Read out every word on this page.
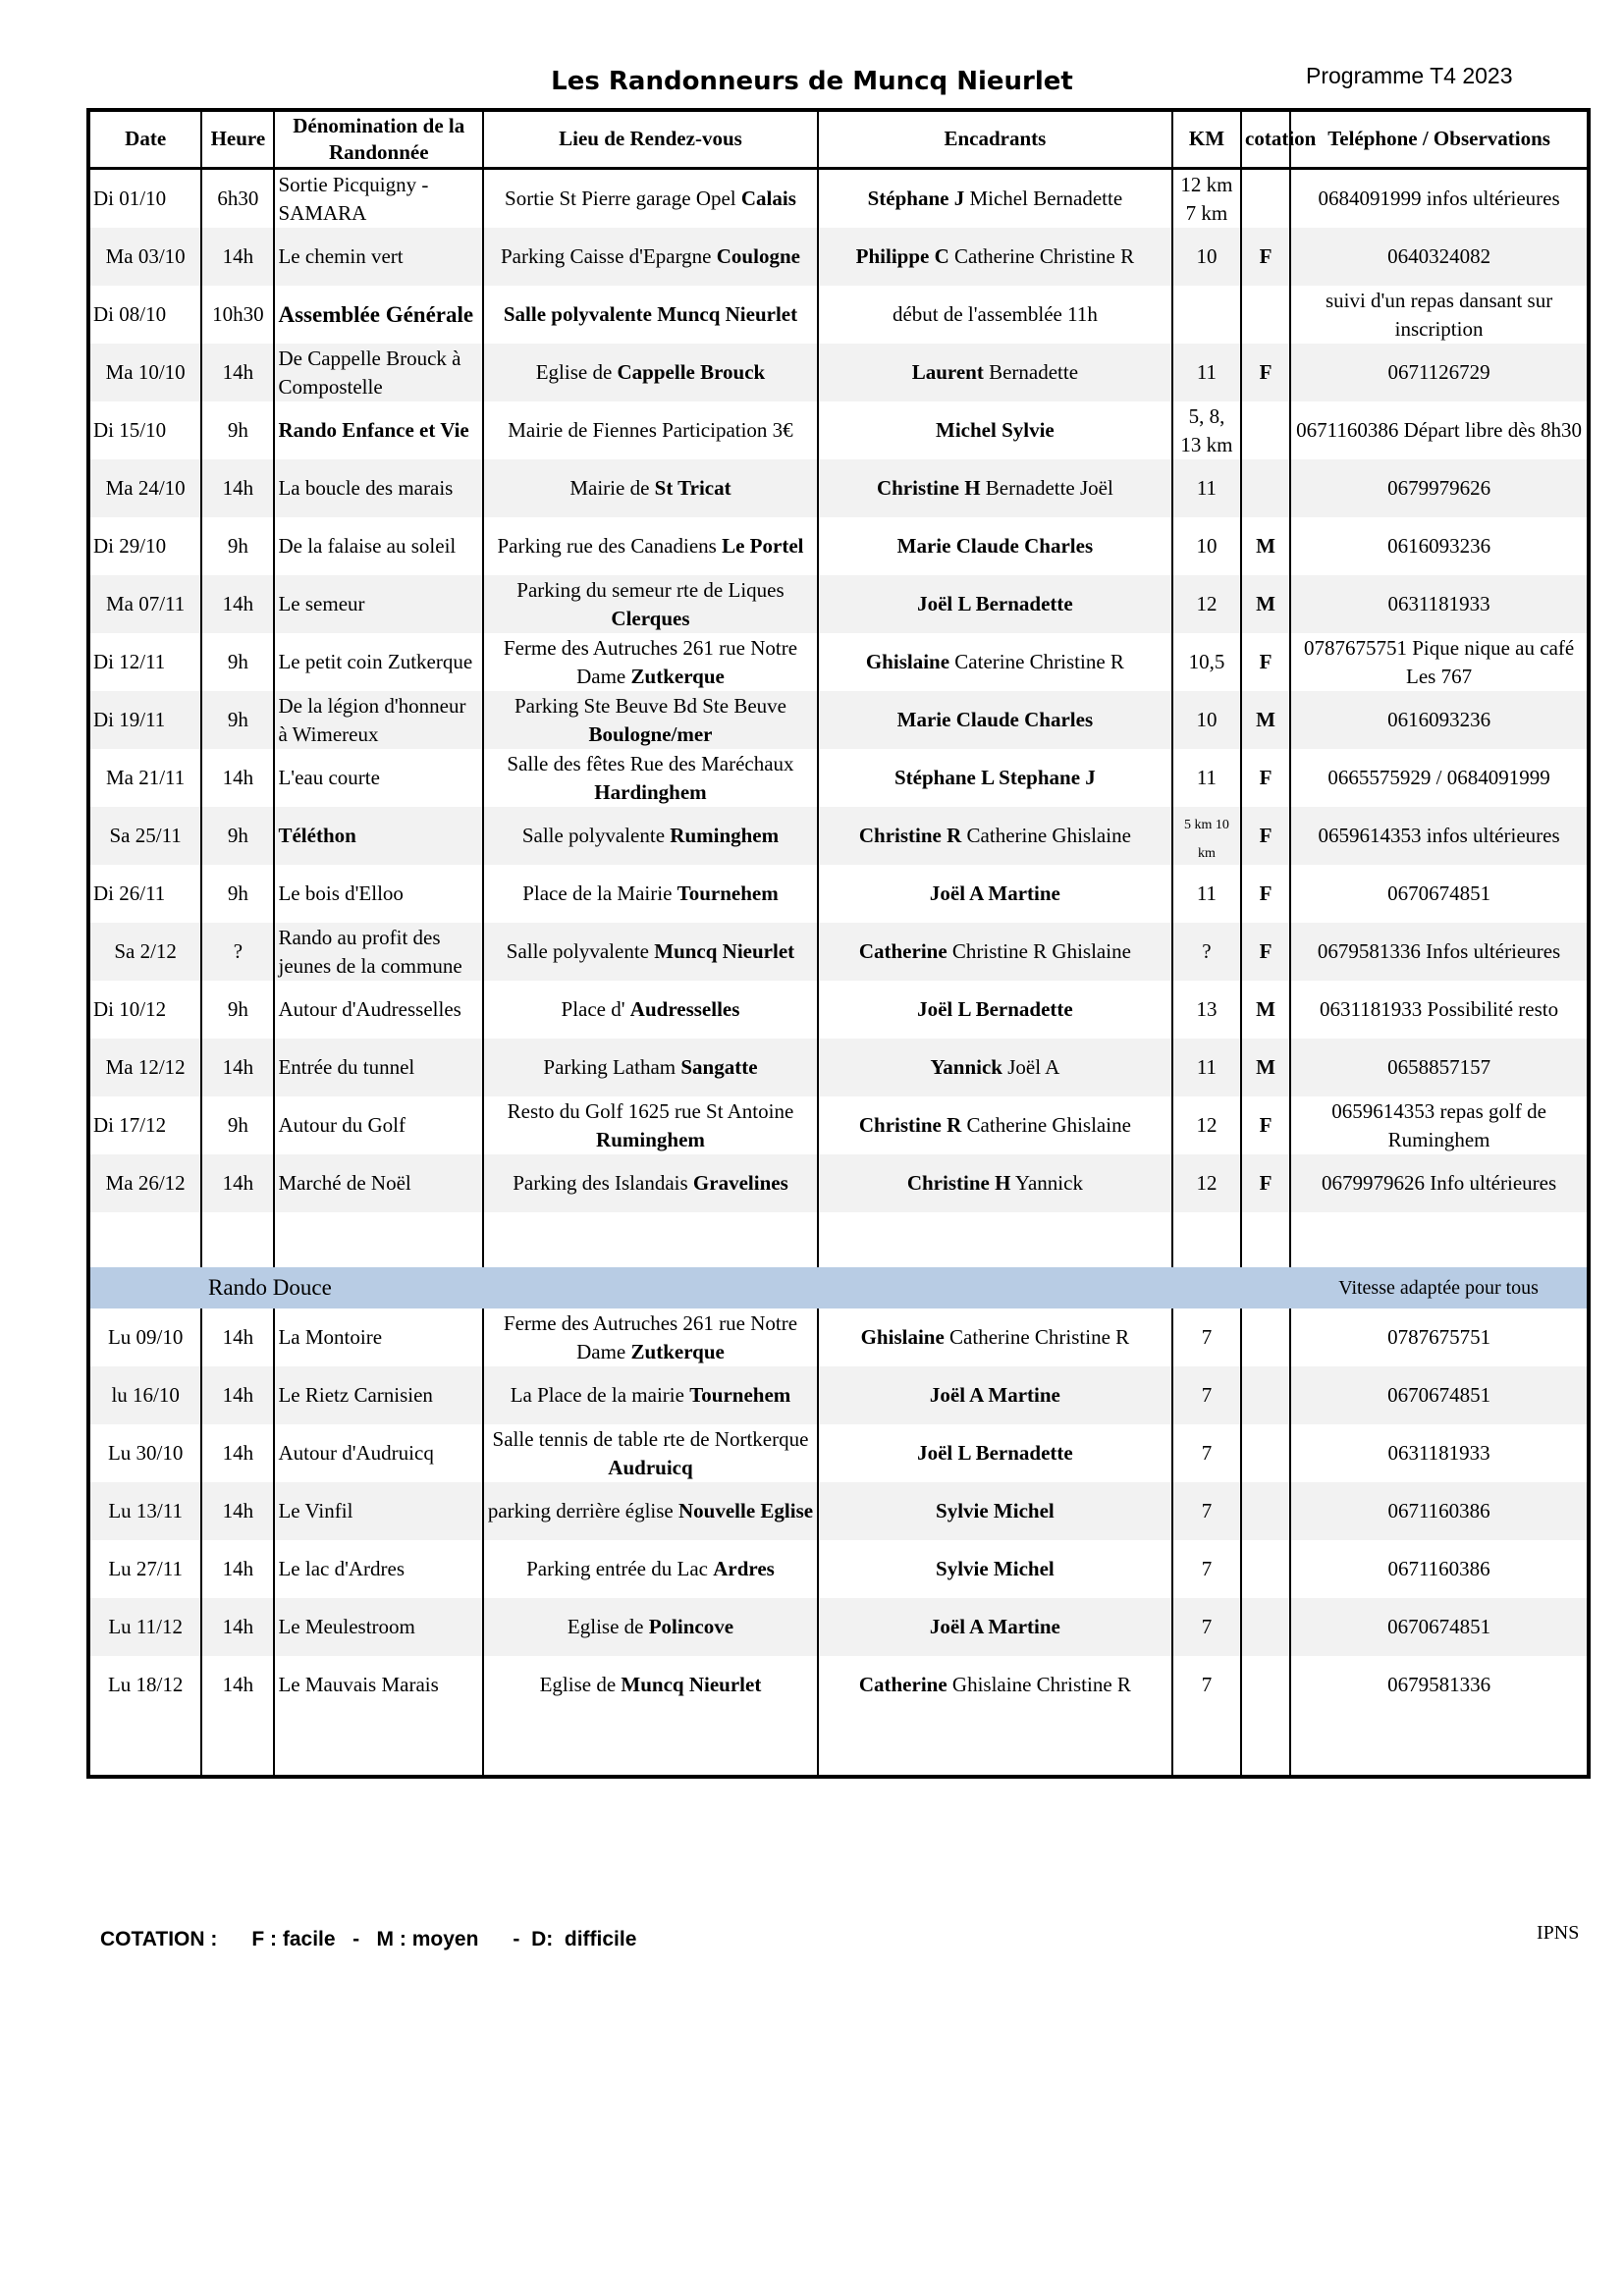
Les Randonneurs de Muncq Nieurlet	Programme T4 2023
Date	Heure	Dénomination de la Randonnée	Lieu de Rendez-vous	Encadrants	KM	cotation	Teléphone / Observations
Di 01/10	6h30	Sortie Picquigny - SAMARA	Sortie St Pierre garage Opel Calais	Stéphane J Michel Bernadette	12 km 7 km		0684091999 infos ultérieures
Ma 03/10	14h	Le chemin vert	Parking Caisse d'Epargne Coulogne	Philippe C Catherine Christine R	10	F	0640324082
Di 08/10	10h30	Assemblée Générale	Salle polyvalente Muncq Nieurlet	début de l'assemblée 11h			suivi d'un repas dansant sur inscription
Ma 10/10	14h	De Cappelle Brouck à Compostelle	Eglise de Cappelle Brouck	Laurent Bernadette	11	F	0671126729
Di 15/10	9h	Rando Enfance et Vie	Mairie de Fiennes Participation 3€	Michel Sylvie	5, 8, 13 km		0671160386 Départ libre dès 8h30
Ma 24/10	14h	La boucle des marais	Mairie de St Tricat	Christine H Bernadette Joël	11		0679979626
Di 29/10	9h	De la falaise au soleil	Parking rue des Canadiens Le Portel	Marie Claude Charles	10	M	0616093236
Ma 07/11	14h	Le semeur	Parking du semeur rte de Liques Clerques	Joël L Bernadette	12	M	0631181933
Di 12/11	9h	Le petit coin Zutkerque	Ferme des Autruches 261 rue Notre Dame Zutkerque	Ghislaine Caterine Christine R	10,5	F	0787675751 Pique nique au café Les 767
Di 19/11	9h	De la légion d'honneur à Wimereux	Parking Ste Beuve Bd Ste Beuve Boulogne/mer	Marie Claude Charles	10	M	0616093236
Ma 21/11	14h	L'eau courte	Salle des fêtes Rue des Maréchaux Hardinghem	Stéphane L Stephane J	11	F	0665575929 / 0684091999
Sa 25/11	9h	Téléthon	Salle polyvalente Ruminghem	Christine R Catherine Ghislaine	5 km 10 km	F	0659614353 infos ultérieures
Di 26/11	9h	Le bois d'Elloo	Place de la Mairie Tournehem	Joël A Martine	11	F	0670674851
Sa 2/12	?	Rando au profit des jeunes de la commune	Salle polyvalente Muncq Nieurlet	Catherine Christine R Ghislaine	?	F	0679581336 Infos ultérieures
Di 10/12	9h	Autour d'Audresselles	Place d' Audresselles	Joël L Bernadette	13	M	0631181933 Possibilité resto
Ma 12/12	14h	Entrée du tunnel	Parking Latham Sangatte	Yannick Joël A	11	M	0658857157
Di 17/12	9h	Autour du Golf	Resto du Golf 1625 rue St Antoine Ruminghem	Christine R Catherine Ghislaine	12	F	0659614353 repas golf de Ruminghem
Ma 26/12	14h	Marché de Noël	Parking des Islandais Gravelines	Christine H Yannick	12	F	0679979626 Info ultérieures

Rando Douce							Vitesse adaptée pour tous
Lu 09/10	14h	La Montoire	Ferme des Autruches 261 rue Notre Dame Zutkerque	Ghislaine Catherine Christine R	7		0787675751
lu 16/10	14h	Le Rietz Carnisien	La Place de la mairie Tournehem	Joël A Martine	7		0670674851
Lu 30/10	14h	Autour d'Audruicq	Salle tennis de table rte de Nortkerque Audruicq	Joël L Bernadette	7		0631181933
Lu 13/11	14h	Le Vinfil	parking derrière église Nouvelle Eglise	Sylvie Michel	7		0671160386
Lu 27/11	14h	Le lac d'Ardres	Parking entrée du Lac Ardres	Sylvie Michel	7		0671160386
Lu 11/12	14h	Le Meulestroom	Eglise de Polincove	Joël A Martine	7		0670674851
Lu 18/12	14h	Le Mauvais Marais	Eglise de Muncq Nieurlet	Catherine Ghislaine Christine R	7		0679581336

COTATION :      F : facile   -   M : moyen      -  D:  difficile	IPNS
